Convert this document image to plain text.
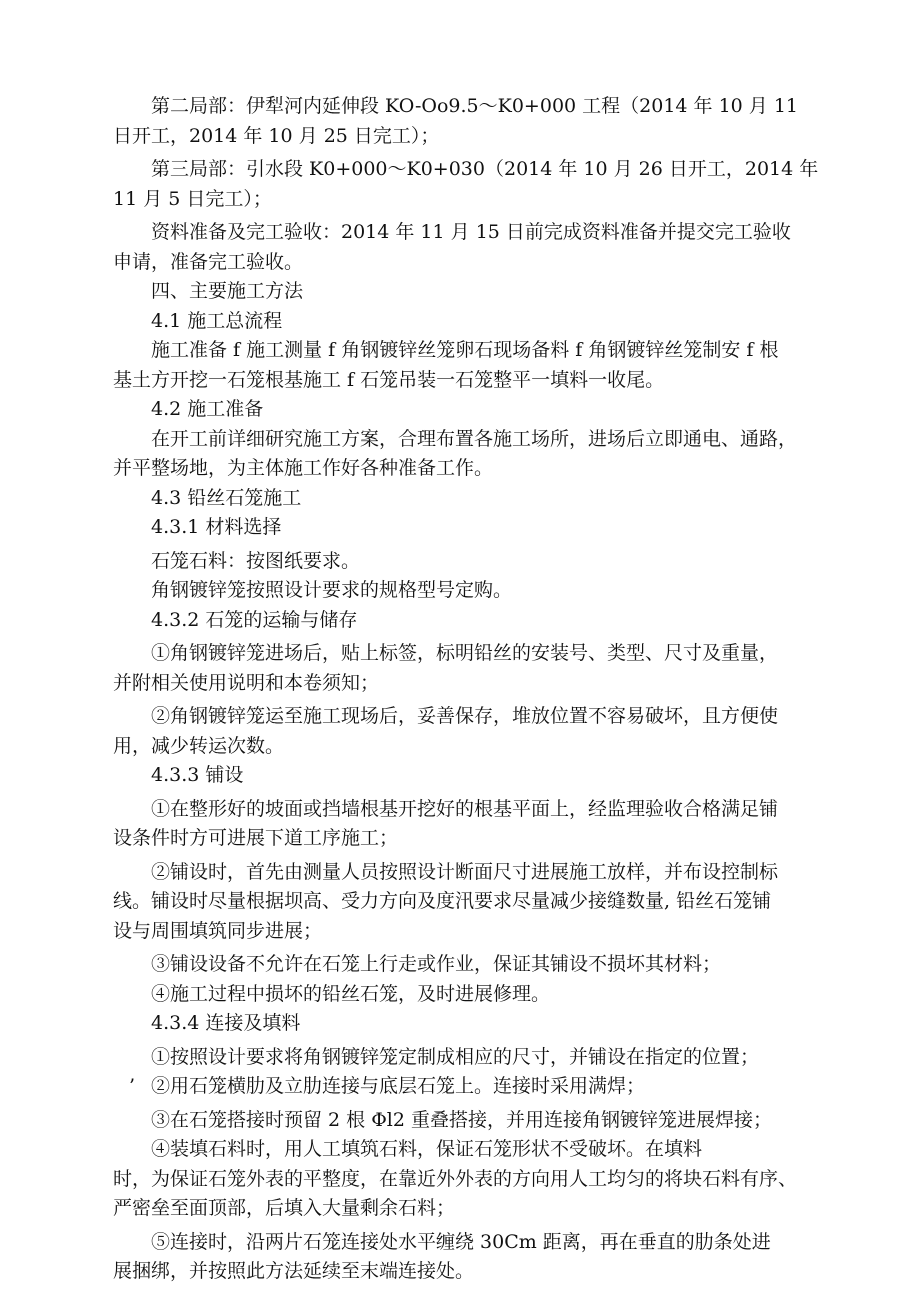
第二局部：伊犁河内延伸段 KO-Oo9.5～K0+000 工程（2014 年 10 月 11
日开工，2014 年 10 月 25 日完工）；
第三局部：引水段 K0+000～K0+030（2014 年 10 月 26 日开工，2014 年
11 月 5 日完工）；
资料准备及完工验收：2014 年 11 月 15 日前完成资料准备并提交完工验收
申请，准备完工验收。
四、主要施工方法
4.1 施工总流程
施工准备 f 施工测量 f 角钢镀锌丝笼卵石现场备料 f 角钢镀锌丝笼制安 f 根
基土方开挖一石笼根基施工 f 石笼吊装一石笼整平一填料一收尾。
4.2 施工准备
在开工前详细研究施工方案，合理布置各施工场所，进场后立即通电、通路，
并平整场地，为主体施工作好各种准备工作。
4.3 铅丝石笼施工
4.3.1 材料选择
石笼石料：按图纸要求。
角钢镀锌笼按照设计要求的规格型号定购。
4.3.2 石笼的运输与储存
①角钢镀锌笼进场后，贴上标签，标明铅丝的安装号、类型、尺寸及重量，
并附相关使用说明和本卷须知；
②角钢镀锌笼运至施工现场后，妥善保存，堆放位置不容易破坏，且方便使
用，减少转运次数。
4.3.3 铺设
①在整形好的坡面或挡墙根基开挖好的根基平面上，经监理验收合格满足铺
设条件时方可进展下道工序施工；
②铺设时，首先由测量人员按照设计断面尺寸进展施工放样，并布设控制标
线。铺设时尽量根据坝高、受力方向及度汛要求尽量减少接缝数量, 铅丝石笼铺
设与周围填筑同步进展；
③铺设设备不允许在石笼上行走或作业，保证其铺设不损坏其材料；
④施工过程中损坏的铅丝石笼，及时进展修理。
4.3.4 连接及填料
①按照设计要求将角钢镀锌笼定制成相应的尺寸，并铺设在指定的位置；
’ ②用石笼横肋及立肋连接与底层石笼上。连接时采用满焊；
③在石笼搭接时预留 2 根 Φl2 重叠搭接，并用连接角钢镀锌笼进展焊接；
④装填石料时，用人工填筑石料，保证石笼形状不受破坏。在填料
时，为保证石笼外表的平整度，在靠近外外表的方向用人工均匀的将块石料有序、
严密垒至面顶部，后填入大量剩余石料；
⑤连接时，沿两片石笼连接处水平缠绕 30Cm 距离，再在垂直的肋条处进
展捆绑，并按照此方法延续至末端连接处。
